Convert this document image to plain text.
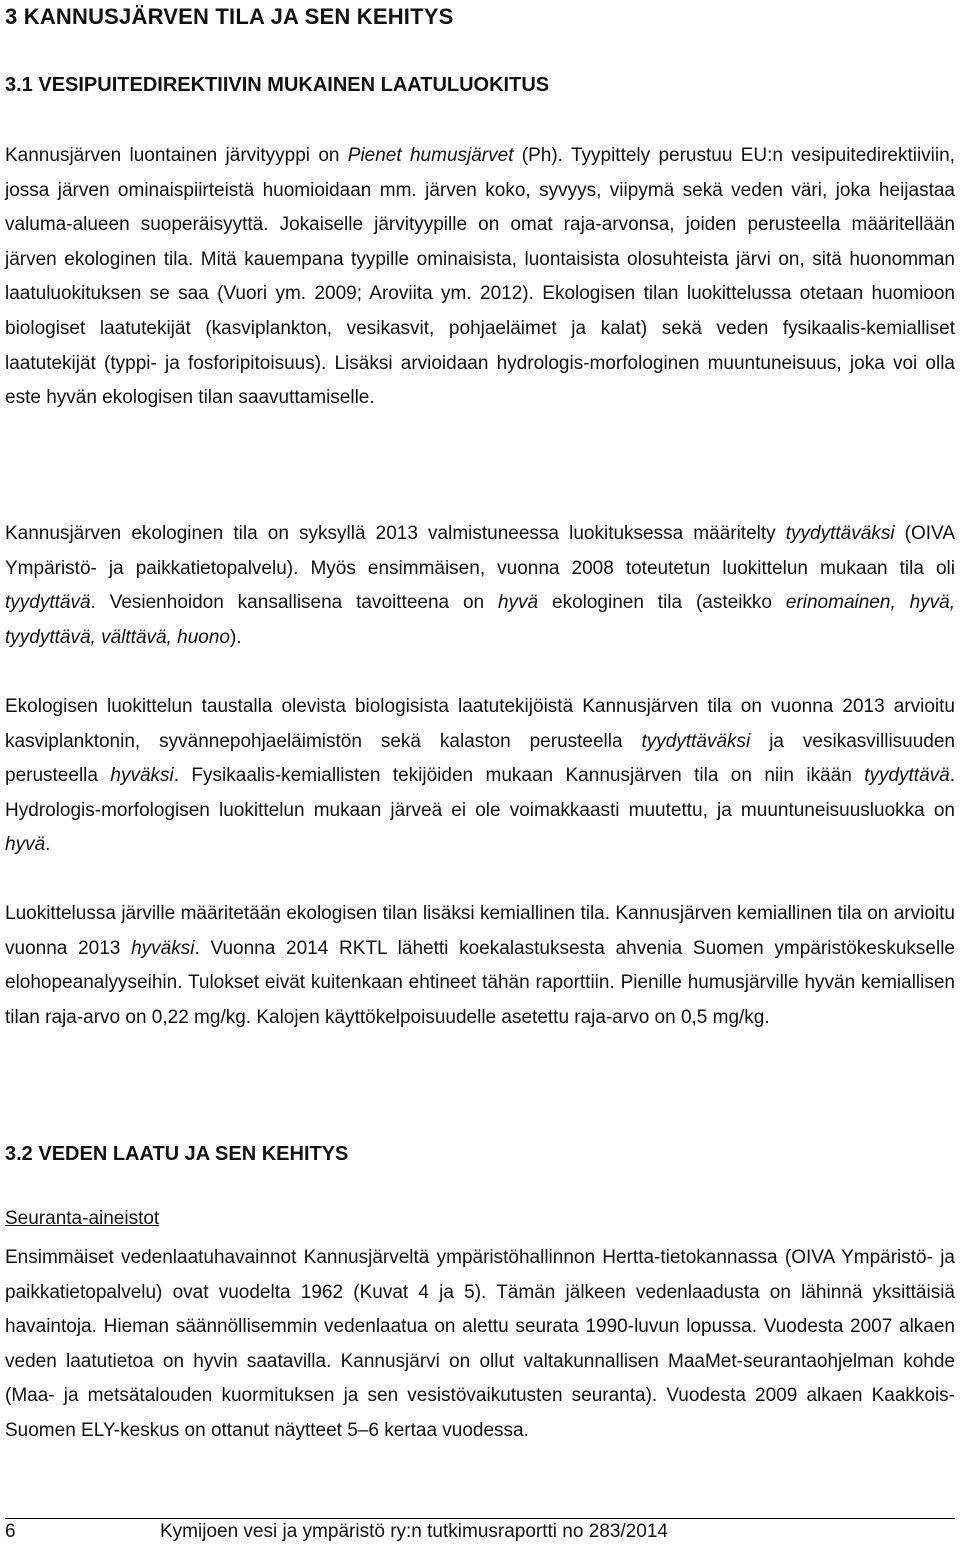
3 KANNUSJÄRVEN TILA JA SEN KEHITYS
3.1 VESIPUITEDIREKTIIVIN MUKAINEN LAATULUOKITUS

Kannusjärven luontainen järvityyppi on Pienet humusjärvet (Ph). Tyypittely perustuu EU:n vesipuitedirektiiviin, jossa järven ominaispiirteistä huomioidaan mm. järven koko, syvyys, viipymä sekä veden väri, joka heijastaa valuma-alueen suoperäisyyttä. Jokaiselle järvityypille on omat raja-arvonsa, joiden perusteella määritellään järven ekologinen tila. Mitä kauempana tyypille ominaisista, luontaisista olosuhteista järvi on, sitä huonomman laatuluokituksen se saa (Vuori ym. 2009; Aroviita ym. 2012). Ekologisen tilan luokittelussa otetaan huomioon biologiset laatutekijät (kasviplankton, vesikasvit, pohjaeläimet ja kalat) sekä veden fysikaalis-kemialliset laatutekijät (typpi- ja fosforipitoisuus). Lisäksi arvioidaan hydrologis-morfologinen muuntuneisuus, joka voi olla este hyvän ekologisen tilan saavuttamiselle.

Kannusjärven ekologinen tila on syksyllä 2013 valmistuneessa luokituksessa määritelty tyydyttäväksi (OIVA Ympäristö- ja paikkatietopalvelu). Myös ensimmäisen, vuonna 2008 toteutetun luokittelun mukaan tila oli tyydyttävä. Vesienhoidon kansallisena tavoitteena on hyvä ekologinen tila (asteikko erinomainen, hyvä, tyydyttävä, välttävä, huono).

Ekologisen luokittelun taustalla olevista biologisista laatutekijöistä Kannusjärven tila on vuonna 2013 arvioitu kasviplanktonin, syvännepohjaeläimistön sekä kalaston perusteella tyydyttäväksi ja vesikasvillisuuden perusteella hyväksi. Fysikaalis-kemiallisten tekijöiden mukaan Kannusjärven tila on niin ikään tyydyttävä. Hydrologis-morfologisen luokittelun mukaan järveä ei ole voimakkaasti muutettu, ja muuntuneisuusluokka on hyvä.

Luokittelussa järville määritetään ekologisen tilan lisäksi kemiallinen tila. Kannusjärven kemiallinen tila on arvioitu vuonna 2013 hyväksi. Vuonna 2014 RKTL lähetti koekalastuksesta ahvenia Suomen ympäristökeskukselle elohopeanalyyseihin. Tulokset eivät kuitenkaan ehtineet tähän raporttiin. Pienille humusjärville hyvän kemiallisen tilan raja-arvo on 0,22 mg/kg. Kalojen käyttökelpoisuudelle asetettu raja-arvo on 0,5 mg/kg.

3.2 VEDEN LAATU JA SEN KEHITYS
Seuranta-aineistot

Ensimmäiset vedenlaatuhavainnot Kannusjärveltä ympäristöhallinnon Hertta-tietokannassa (OIVA Ympäristö- ja paikkatietopalvelu) ovat vuodelta 1962 (Kuvat 4 ja 5). Tämän jälkeen vedenlaadusta on lähinnä yksittäisiä havaintoja. Hieman säännöllisemmin vedenlaatua on alettu seurata 1990-luvun lopussa. Vuodesta 2007 alkaen veden laatutietoa on hyvin saatavilla. Kannusjärvi on ollut valtakunnallisen MaaMet-seurantaohjelman kohde (Maa- ja metsätalouden kuormituksen ja sen vesistövaikutusten seuranta). Vuodesta 2009 alkaen Kaakkois-Suomen ELY-keskus on ottanut näytteet 5–6 kertaa vuodessa.

6	Kymijoen vesi ja ympäristö ry:n tutkimusraportti no 283/2014
